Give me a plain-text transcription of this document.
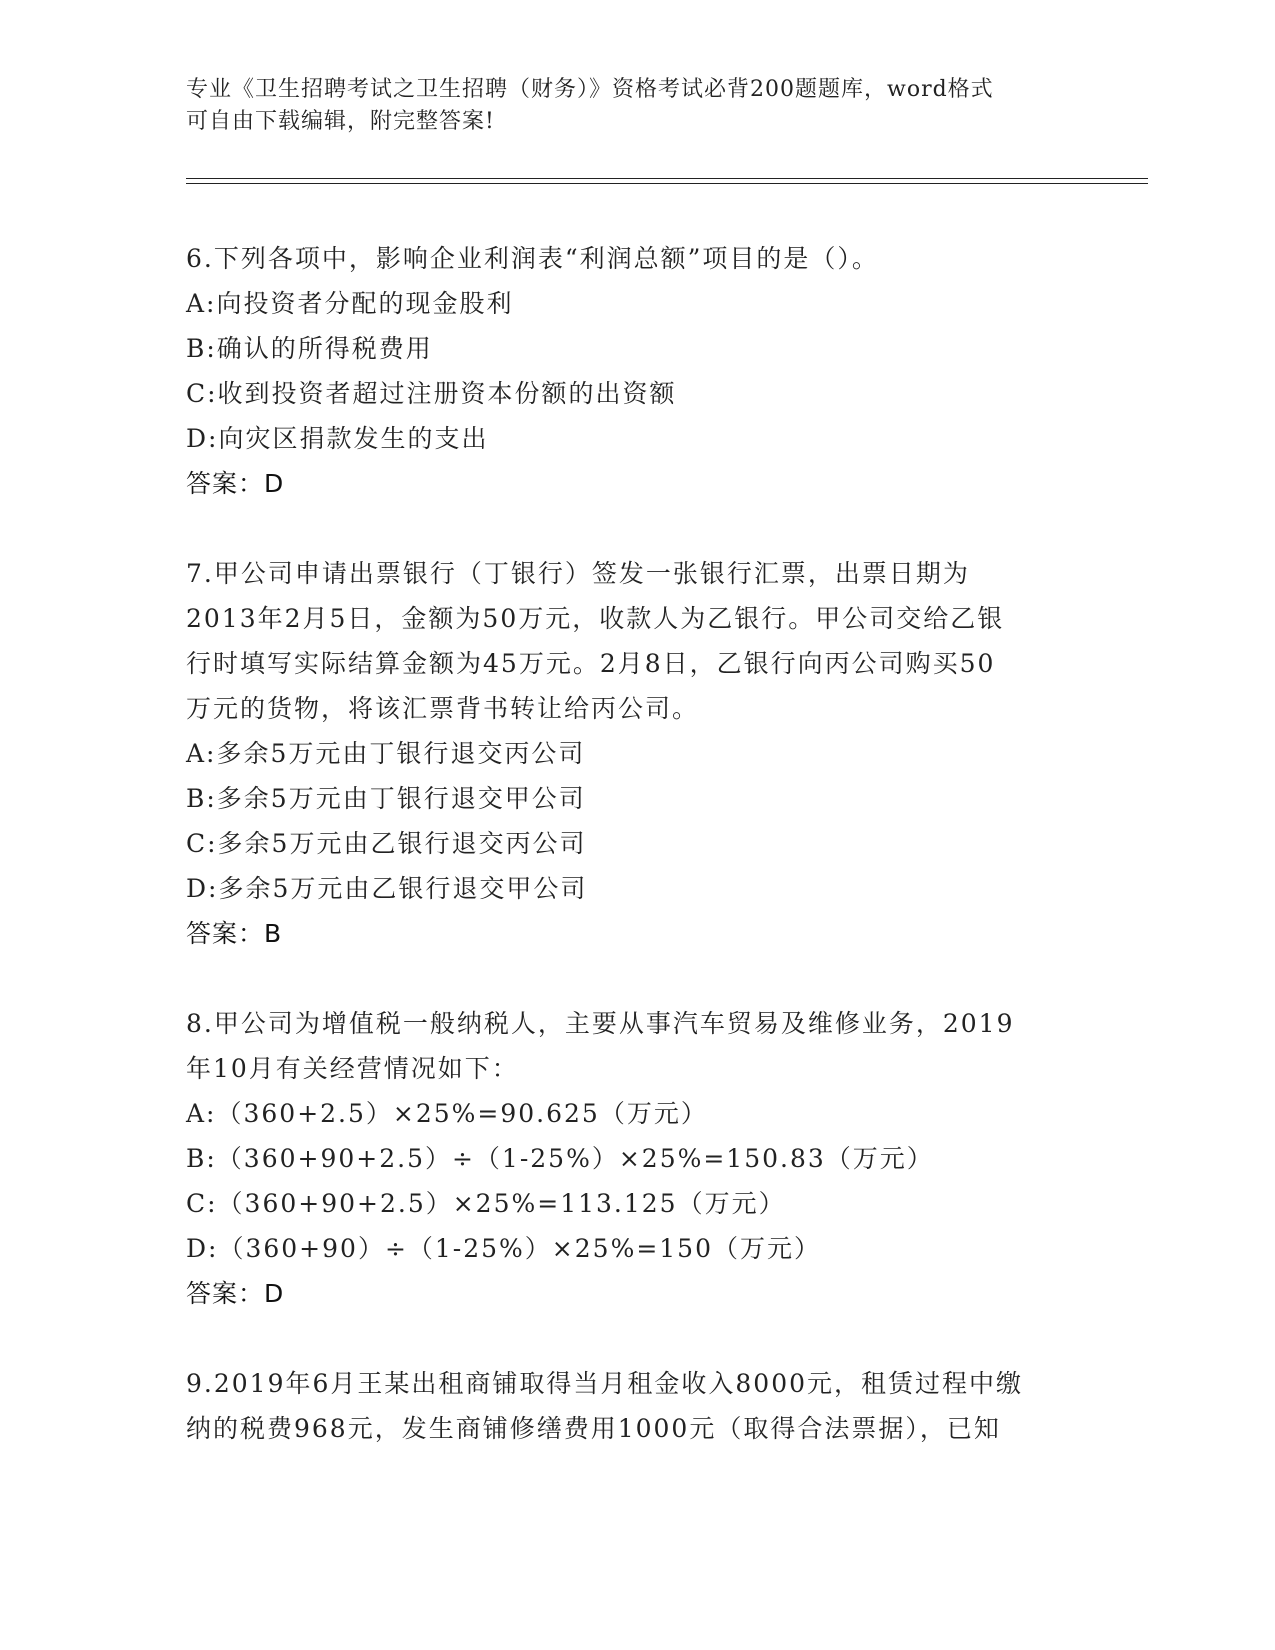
专业《卫生招聘考试之卫生招聘（财务）》资格考试必背200题题库，word格式
可自由下载编辑，附完整答案!
6.下列各项中，影响企业利润表“利润总额”项目的是（）。
A:向投资者分配的现金股利
B:确认的所得税费用
C:收到投资者超过注册资本份额的出资额
D:向灾区捐款发生的支出
答案：D
7.甲公司申请出票银行（丁银行）签发一张银行汇票，出票日期为
2013年2月5日，金额为50万元，收款人为乙银行。甲公司交给乙银
行时填写实际结算金额为45万元。2月8日，乙银行向丙公司购买50
万元的货物，将该汇票背书转让给丙公司。
A:多余5万元由丁银行退交丙公司
B:多余5万元由丁银行退交甲公司
C:多余5万元由乙银行退交丙公司
D:多余5万元由乙银行退交甲公司
答案：B
8.甲公司为增值税一般纳税人，主要从事汽车贸易及维修业务，2019
年10月有关经营情况如下：
A:（360+2.5）×25%=90.625（万元）
B:（360+90+2.5）÷（1-25%）×25%=150.83（万元）
C:（360+90+2.5）×25%=113.125（万元）
D:（360+90）÷（1-25%）×25%=150（万元）
答案：D
9.2019年6月王某出租商铺取得当月租金收入8000元，租赁过程中缴
纳的税费968元，发生商铺修缮费用1000元（取得合法票据），已知
